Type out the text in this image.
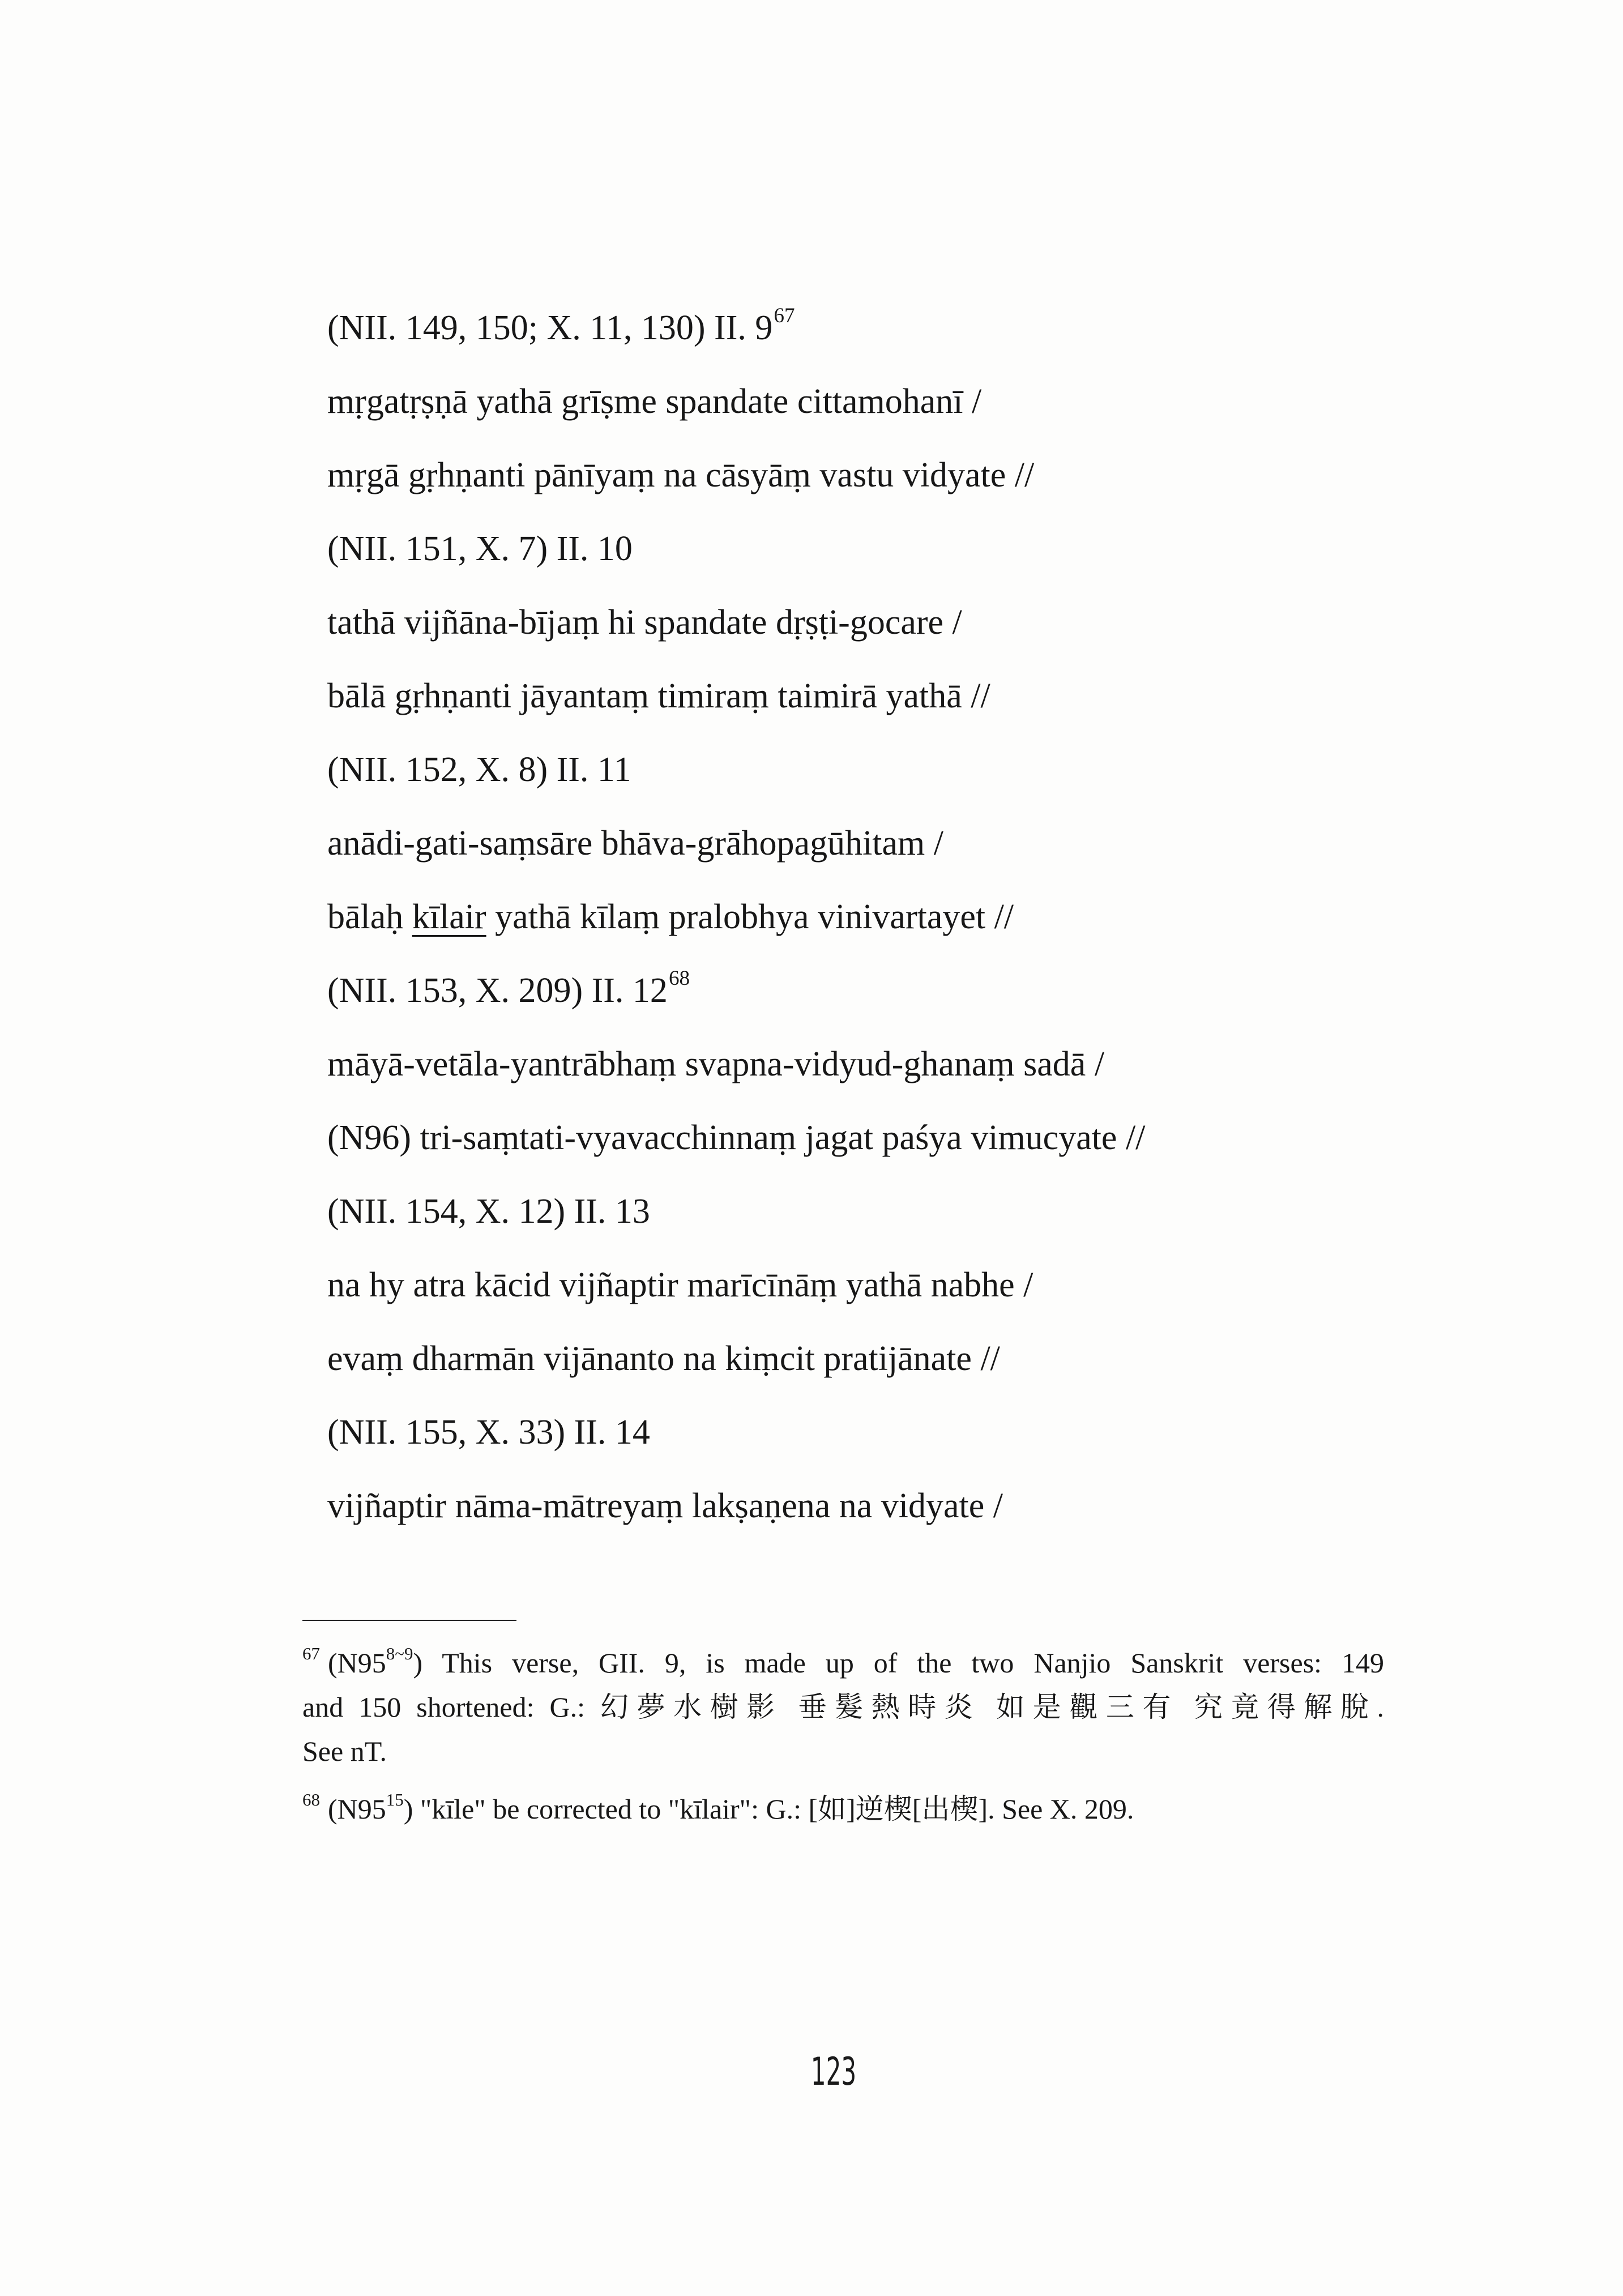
(NII. 149, 150; X. 11, 130) II. 9$^{67}$
mṛgatṛṣṇā yathā grīṣme spandate cittamohanī /
mṛgā gṛhṇanti pānīyaṃ na cāsyāṃ vastu vidyate //
(NII. 151, X. 7) II. 10
tathā vijñāna-bījaṃ hi spandate dṛṣṭi-gocare /
bālā gṛhṇanti jāyantaṃ timiraṃ taimirā yathā //
(NII. 152, X. 8) II. 11
anādi-gati-saṃsāre bhāva-grāhopagūhitam /
bālaḥ kīlair yathā kīlaṃ pralobhya vinivartayet //
(NII. 153, X. 209) II. 12$^{68}$
māyā-vetāla-yantrābhaṃ svapna-vidyud-ghanaṃ sadā /
(N96) tri-saṃtati-vyavacchinnaṃ jagat paśya vimucyate //
(NII. 154, X. 12) II. 13
na hy atra kācid vijñaptir marīcīnāṃ yathā nabhe /
evaṃ dharmān vijānanto na kiṃcit pratijānate //
(NII. 155, X. 33) II. 14
vijñaptir nāma-mātreyaṃ lakṣaṇena na vidyate /
$^{67}$ $(N95^{8\sim 9})$ This verse, GII. 9, is made up of the two Nanjio Sanskrit verses: 149
and 150 shortened: G.: 幻夢水樹影 垂髮熱時炎 如是觀三有 究竟得解脫.
See nT.
$^{68}$ $(N95^{15})$ "kīle" be corrected to "kīlair": G.: [如]逆楔[出楔]. See X. 209.
123
